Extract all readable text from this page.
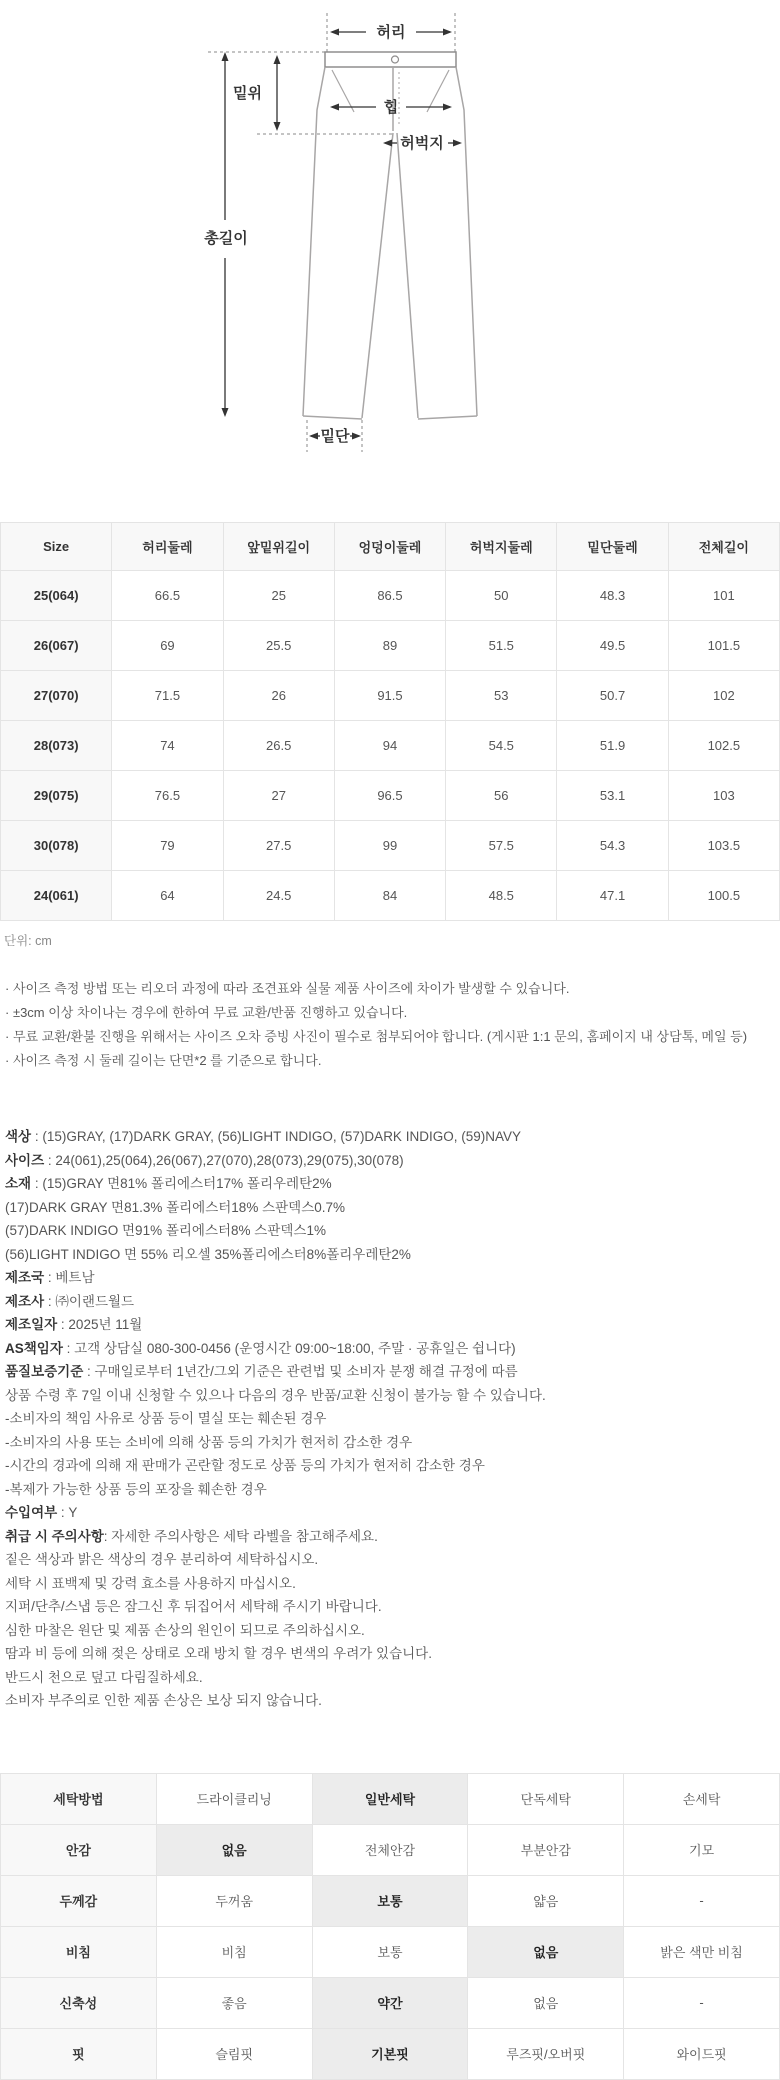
허리
밑위
힙
허벅지
총길이
밑단
Size	허리둘레	앞밑위길이	엉덩이둘레	허벅지둘레	밑단둘레	전체길이
25(064)	66.5	25	86.5	50	48.3	101
26(067)	69	25.5	89	51.5	49.5	101.5
27(070)	71.5	26	91.5	53	50.7	102
28(073)	74	26.5	94	54.5	51.9	102.5
29(075)	76.5	27	96.5	56	53.1	103
30(078)	79	27.5	99	57.5	54.3	103.5
24(061)	64	24.5	84	48.5	47.1	100.5
단위: cm
· 사이즈 측정 방법 또는 리오더 과정에 따라 조견표와 실물 제품 사이즈에 차이가 발생할 수 있습니다.
· ±3cm 이상 차이나는 경우에 한하여 무료 교환/반품 진행하고 있습니다.
· 무료 교환/환불 진행을 위해서는 사이즈 오차 증빙 사진이 필수로 첨부되어야 합니다. (게시판 1:1 문의, 홈페이지 내 상담톡, 메일 등)
· 사이즈 측정 시 둘레 길이는 단면*2 를 기준으로 합니다.
색상 : (15)GRAY, (17)DARK GRAY, (56)LIGHT INDIGO, (57)DARK INDIGO, (59)NAVY
사이즈 : 24(061),25(064),26(067),27(070),28(073),29(075),30(078)
소재 : (15)GRAY 면81% 폴리에스터17% 폴리우레탄2%
(17)DARK GRAY 면81.3% 폴리에스터18% 스판덱스0.7%
(57)DARK INDIGO 면91% 폴리에스터8% 스판덱스1%
(56)LIGHT INDIGO 면 55% 리오셀 35%폴리에스터8%폴리우레탄2%
제조국 : 베트남
제조사 : ㈜이랜드월드
제조일자 : 2025년 11월
AS책임자 : 고객 상담실 080-300-0456 (운영시간 09:00~18:00, 주말 · 공휴일은 쉽니다)
품질보증기준 : 구매일로부터 1년간/그외 기준은 관련법 및 소비자 분쟁 해결 규정에 따름
상품 수령 후 7일 이내 신청할 수 있으나 다음의 경우 반품/교환 신청이 불가능 할 수 있습니다.
-소비자의 책임 사유로 상품 등이 멸실 또는 훼손된 경우
-소비자의 사용 또는 소비에 의해 상품 등의 가치가 현저히 감소한 경우
-시간의 경과에 의해 재 판매가 곤란할 정도로 상품 등의 가치가 현저히 감소한 경우
-복제가 가능한 상품 등의 포장을 훼손한 경우
수입여부 : Y
취급 시 주의사항: 자세한 주의사항은 세탁 라벨을 참고해주세요.
짙은 색상과 밝은 색상의 경우 분리하여 세탁하십시오.
세탁 시 표백제 및 강력 효소를 사용하지 마십시오.
지퍼/단추/스냅 등은 잠그신 후 뒤집어서 세탁해 주시기 바랍니다.
심한 마찰은 원단 및 제품 손상의 원인이 되므로 주의하십시오.
땀과 비 등에 의해 젖은 상태로 오래 방치 할 경우 변색의 우려가 있습니다.
반드시 천으로 덮고 다림질하세요.
소비자 부주의로 인한 제품 손상은 보상 되지 않습니다.
세탁방법	드라이클리닝	일반세탁	단독세탁	손세탁
안감	없음	전체안감	부분안감	기모
두께감	두꺼움	보통	얇음	-
비침	비침	보통	없음	밝은 색만 비침
신축성	좋음	약간	없음	-
핏	슬림핏	기본핏	루즈핏/오버핏	와이드핏
